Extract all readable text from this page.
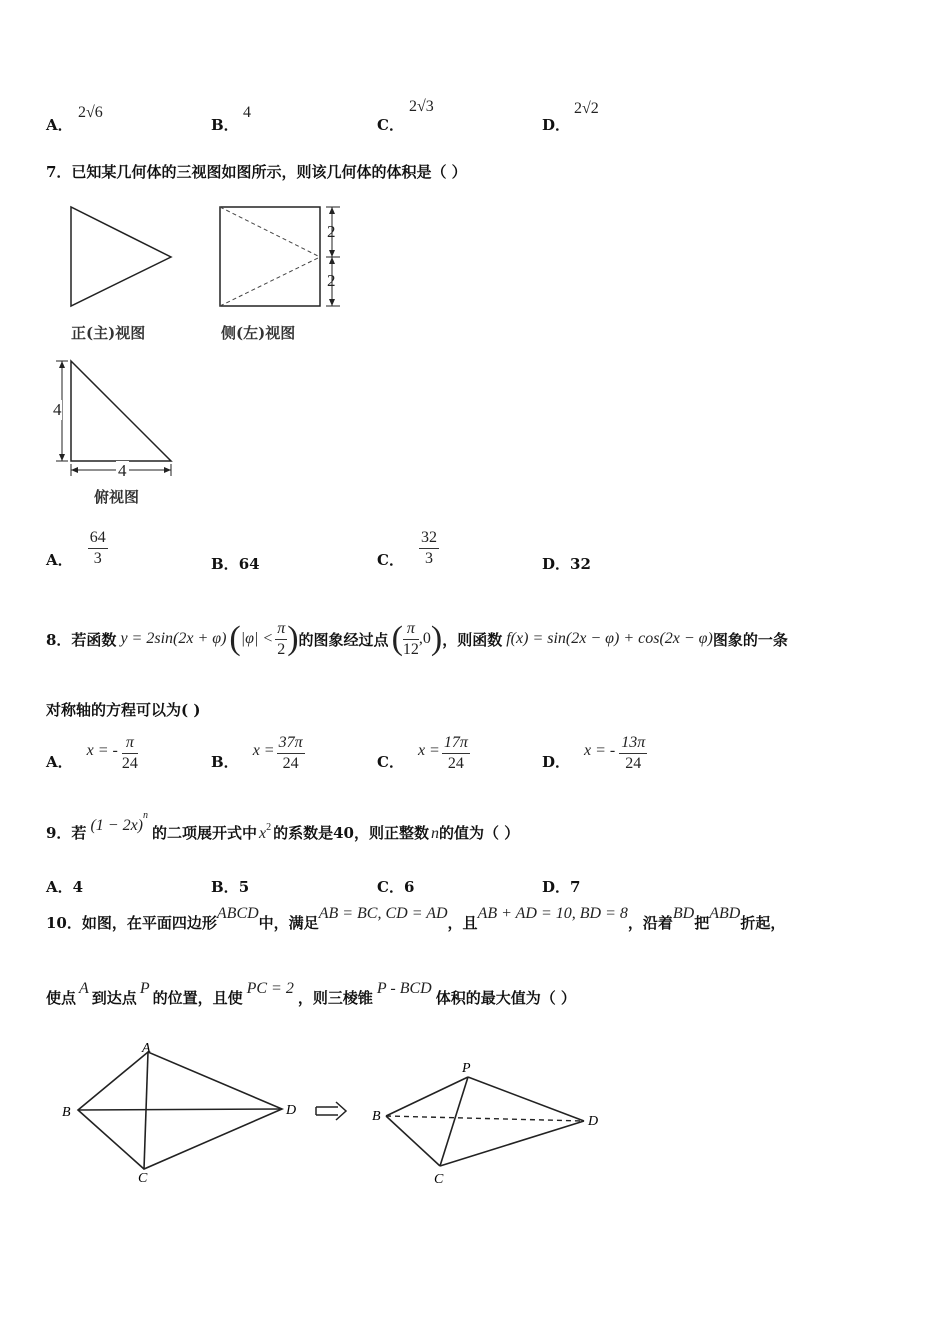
A．
2√6
B．
4
C．
2√3
D．
2√2
7．已知某几何体的三视图如图所示，则该几何体的体积是（ ）
2
2
4
4
正(主)视图	侧(左)视图
俯视图
A． $\frac{64}{3}$	B．64	C． $\frac{32}{3}$	D．32
8．若函数 y = 2sin(2x + φ) ( $|\varphi| < \frac{\pi}{2}$ ) 的图象经过点 ( $\frac{\pi}{12} ,0$ ) ，则函数 f(x) = sin(2x − φ) + cos(2x − φ) 图象的一条
对称轴的方程可以为( )
A．
x = - $\frac{\pi}{24}$	B．
$x = \frac{37\pi}{24}$	C．
$x = \frac{17\pi}{24}$	D．
x = - $\frac{13\pi}{24}$
9．若 (1 − 2x)
$^n$
的二项展开式中 $x^2$ 的系数是40，则正整数 n 的值为（ ）
A．4	B．5	C．6	D．7
10．如图，在平面四边形
ABCD
中，满足
AB = BC, CD = AD
，且
AB + AD = 10, BD = 8
，沿着
BD
把
ABD
折起，
使点
A
到达点
P
的位置，且使
PC = 2
，则三棱锥
P - BCD
体积的最大值为（ ）
A
B
C
D
P
B
C
D
